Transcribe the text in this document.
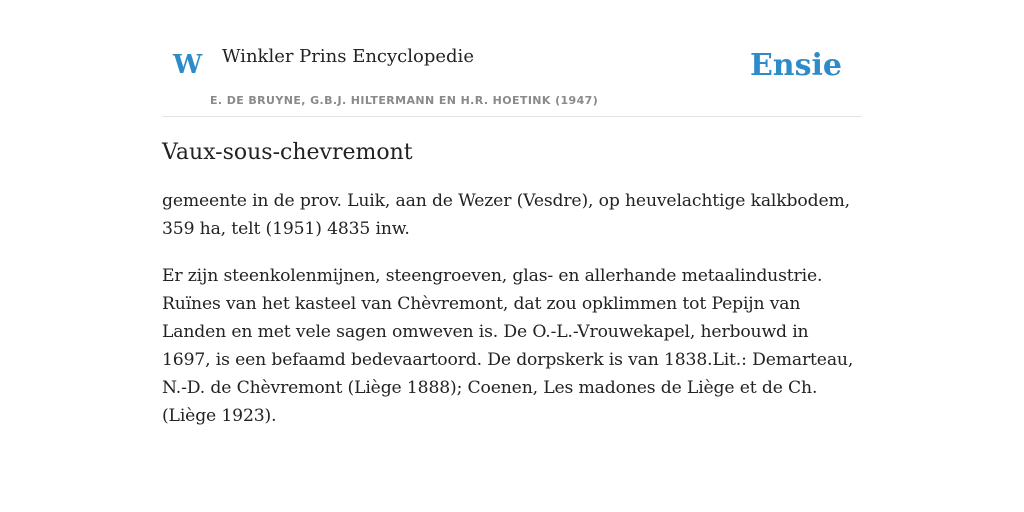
W Winkler Prins Encyclopedie
E. DE BRUYNE, G.B.J. HILTERMANN EN H.R. HOETINK (1947)
Ensie
Vaux-sous-chevremont

gemeente in de prov. Luik, aan de Wezer (Vesdre), op heuvelachtige kalkbodem, 359 ha, telt (1951) 4835 inw.

Er zijn steenkolenmijnen, steengroeven, glas- en allerhande metaalindustrie. Ruïnes van het kasteel van Chèvremont, dat zou opklimmen tot Pepijn van Landen en met vele sagen omweven is. De O.-L.-Vrouwekapel, herbouwd in 1697, is een befaamd bedevaartoord. De dorpskerk is van 1838.Lit.: Demarteau, N.-D. de Chèvremont (Liège 1888); Coenen, Les madones de Liège et de Ch. (Liège 1923).
